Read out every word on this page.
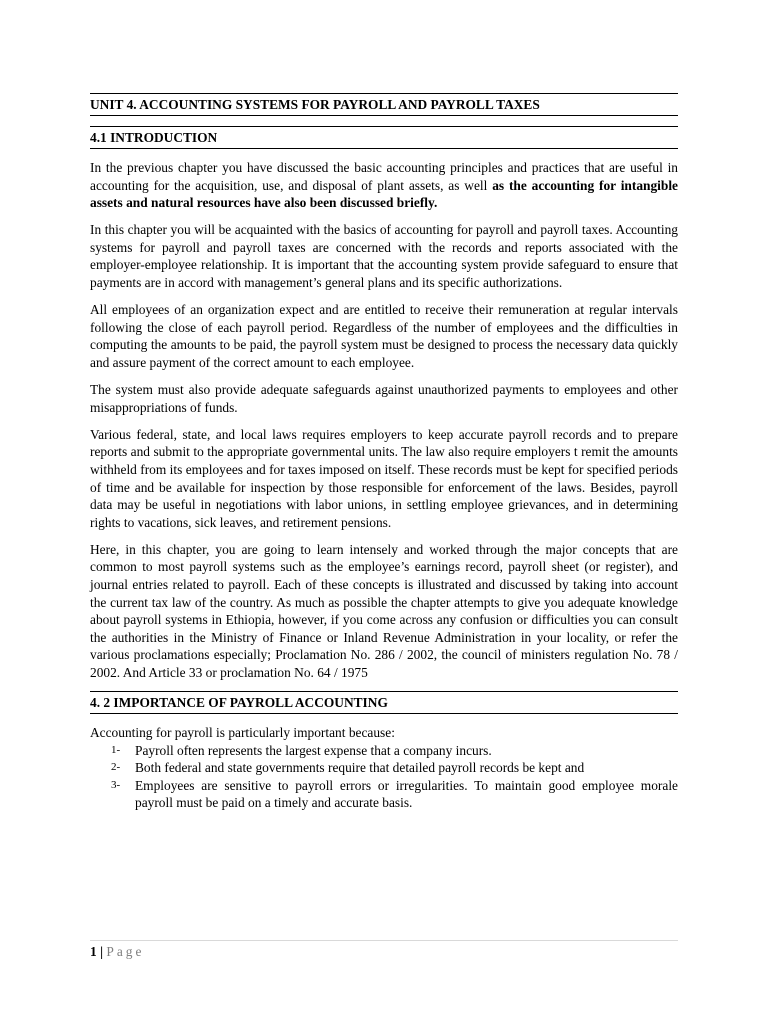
UNIT 4. ACCOUNTING SYSTEMS FOR PAYROLL AND PAYROLL TAXES
4.1 INTRODUCTION

In the previous chapter you have discussed the basic accounting principles and practices that are useful in accounting for the acquisition, use, and disposal of plant assets, as well as the accounting for intangible assets and natural resources have also been discussed briefly.

In this chapter you will be acquainted with the basics of accounting for payroll and payroll taxes. Accounting systems for payroll and payroll taxes are concerned with the records and reports associated with the employer-employee relationship. It is important that the accounting system provide safeguard to ensure that payments are in accord with management’s general plans and its specific authorizations.

All employees of an organization expect and are entitled to receive their remuneration at regular intervals following the close of each payroll period. Regardless of the number of employees and the difficulties in computing the amounts to be paid, the payroll system must be designed to process the necessary data quickly and assure payment of the correct amount to each employee.

The system must also provide adequate safeguards against unauthorized payments to employees and other misappropriations of funds.

Various federal, state, and local laws requires employers to keep accurate payroll records and to prepare reports and submit to the appropriate governmental units. The law also require employers t remit the amounts withheld from its employees and for taxes imposed on itself. These records must be kept for specified periods of time and be available for inspection by those responsible for enforcement of the laws. Besides, payroll data may be useful in negotiations with labor unions, in settling employee grievances, and in determining rights to vacations, sick leaves, and retirement pensions.

Here, in this chapter, you are going to learn intensely and worked through the major concepts that are common to most payroll systems such as the employee’s earnings record, payroll sheet (or register), and journal entries related to payroll. Each of these concepts is illustrated and discussed by taking into account the current tax law of the country. As much as possible the chapter attempts to give you adequate knowledge about payroll systems in Ethiopia, however, if you come across any confusion or difficulties you can consult the authorities in the Ministry of Finance or Inland Revenue Administration in your locality, or refer the various proclamations especially; Proclamation No. 286 / 2002, the council of ministers regulation No. 78 / 2002. And Article 33 or proclamation No. 64 / 1975

4. 2 IMPORTANCE OF PAYROLL ACCOUNTING

Accounting for payroll is particularly important because:

1- Payroll often represents the largest expense that a company incurs.
2- Both federal and state governments require that detailed payroll records be kept and
3- Employees are sensitive to payroll errors or irregularities. To maintain good employee morale payroll must be paid on a timely and accurate basis.
1 | Page
